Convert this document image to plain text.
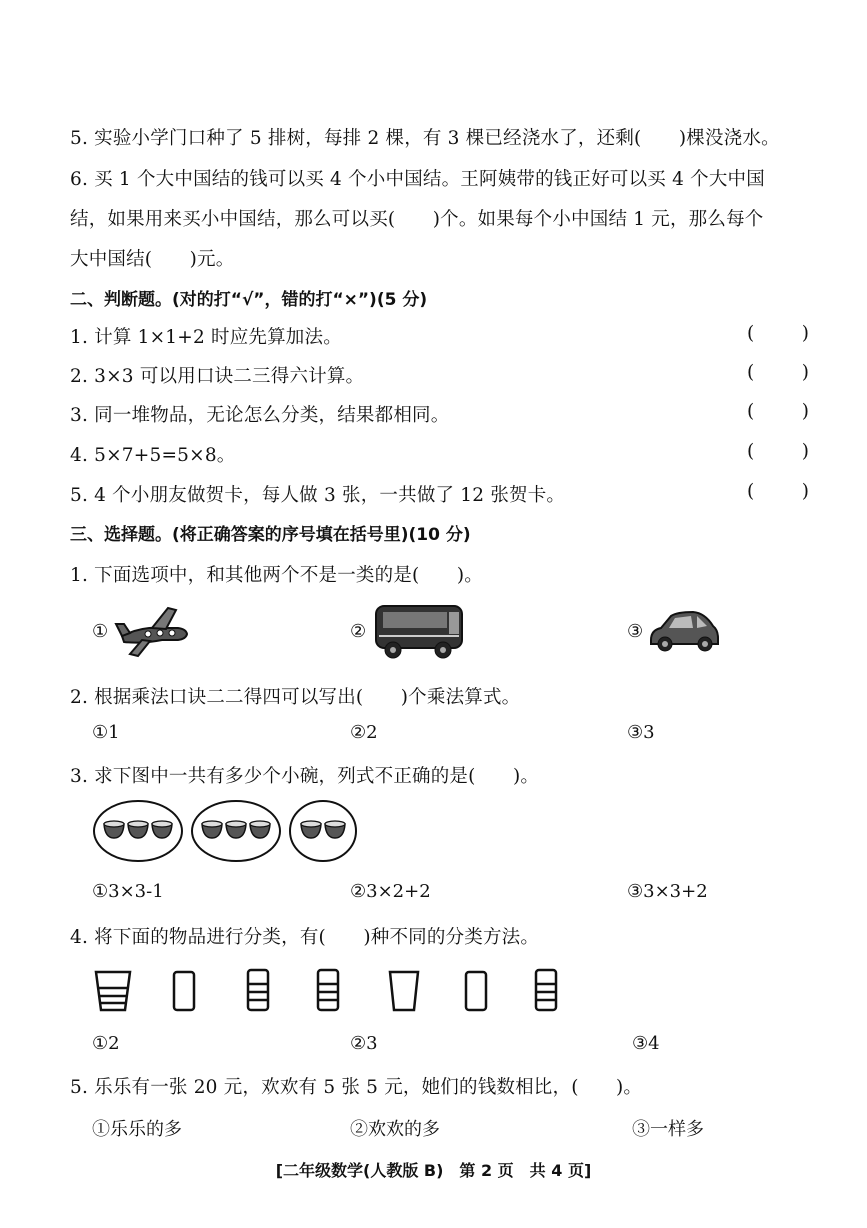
5. 实验小学门口种了 5 排树，每排 2 棵，有 3 棵已经浇水了，还剩(　　)棵没浇水。
6. 买 1 个大中国结的钱可以买 4 个小中国结。王阿姨带的钱正好可以买 4 个大中国
结，如果用来买小中国结，那么可以买(　　)个。如果每个小中国结 1 元，那么每个
大中国结(　　)元。
二、判断题。(对的打“√”，错的打“×”)(5 分)
1. 计算 1×1+2 时应先算加法。	(	)
2. 3×3 可以用口诀二三得六计算。	(	)
3. 同一堆物品，无论怎么分类，结果都相同。	(	)
4. 5×7+5=5×8。	(	)
5. 4 个小朋友做贺卡，每人做 3 张，一共做了 12 张贺卡。	(	)
三、选择题。(将正确答案的序号填在括号里)(10 分)
1. 下面选项中，和其他两个不是一类的是(　　)。
①	②	③
2. 根据乘法口诀二二得四可以写出(　　)个乘法算式。
①1	②2	③3
3. 求下图中一共有多少个小碗，列式不正确的是(　　)。
①3×3-1	②3×2+2	③3×3+2
4. 将下面的物品进行分类，有(　　)种不同的分类方法。
①2	②3	③4
5. 乐乐有一张 20 元，欢欢有 5 张 5 元，她们的钱数相比，(　　)。
①乐乐的多	②欢欢的多	③一样多
[二年级数学(人教版 B)　第 2 页　共 4 页]
